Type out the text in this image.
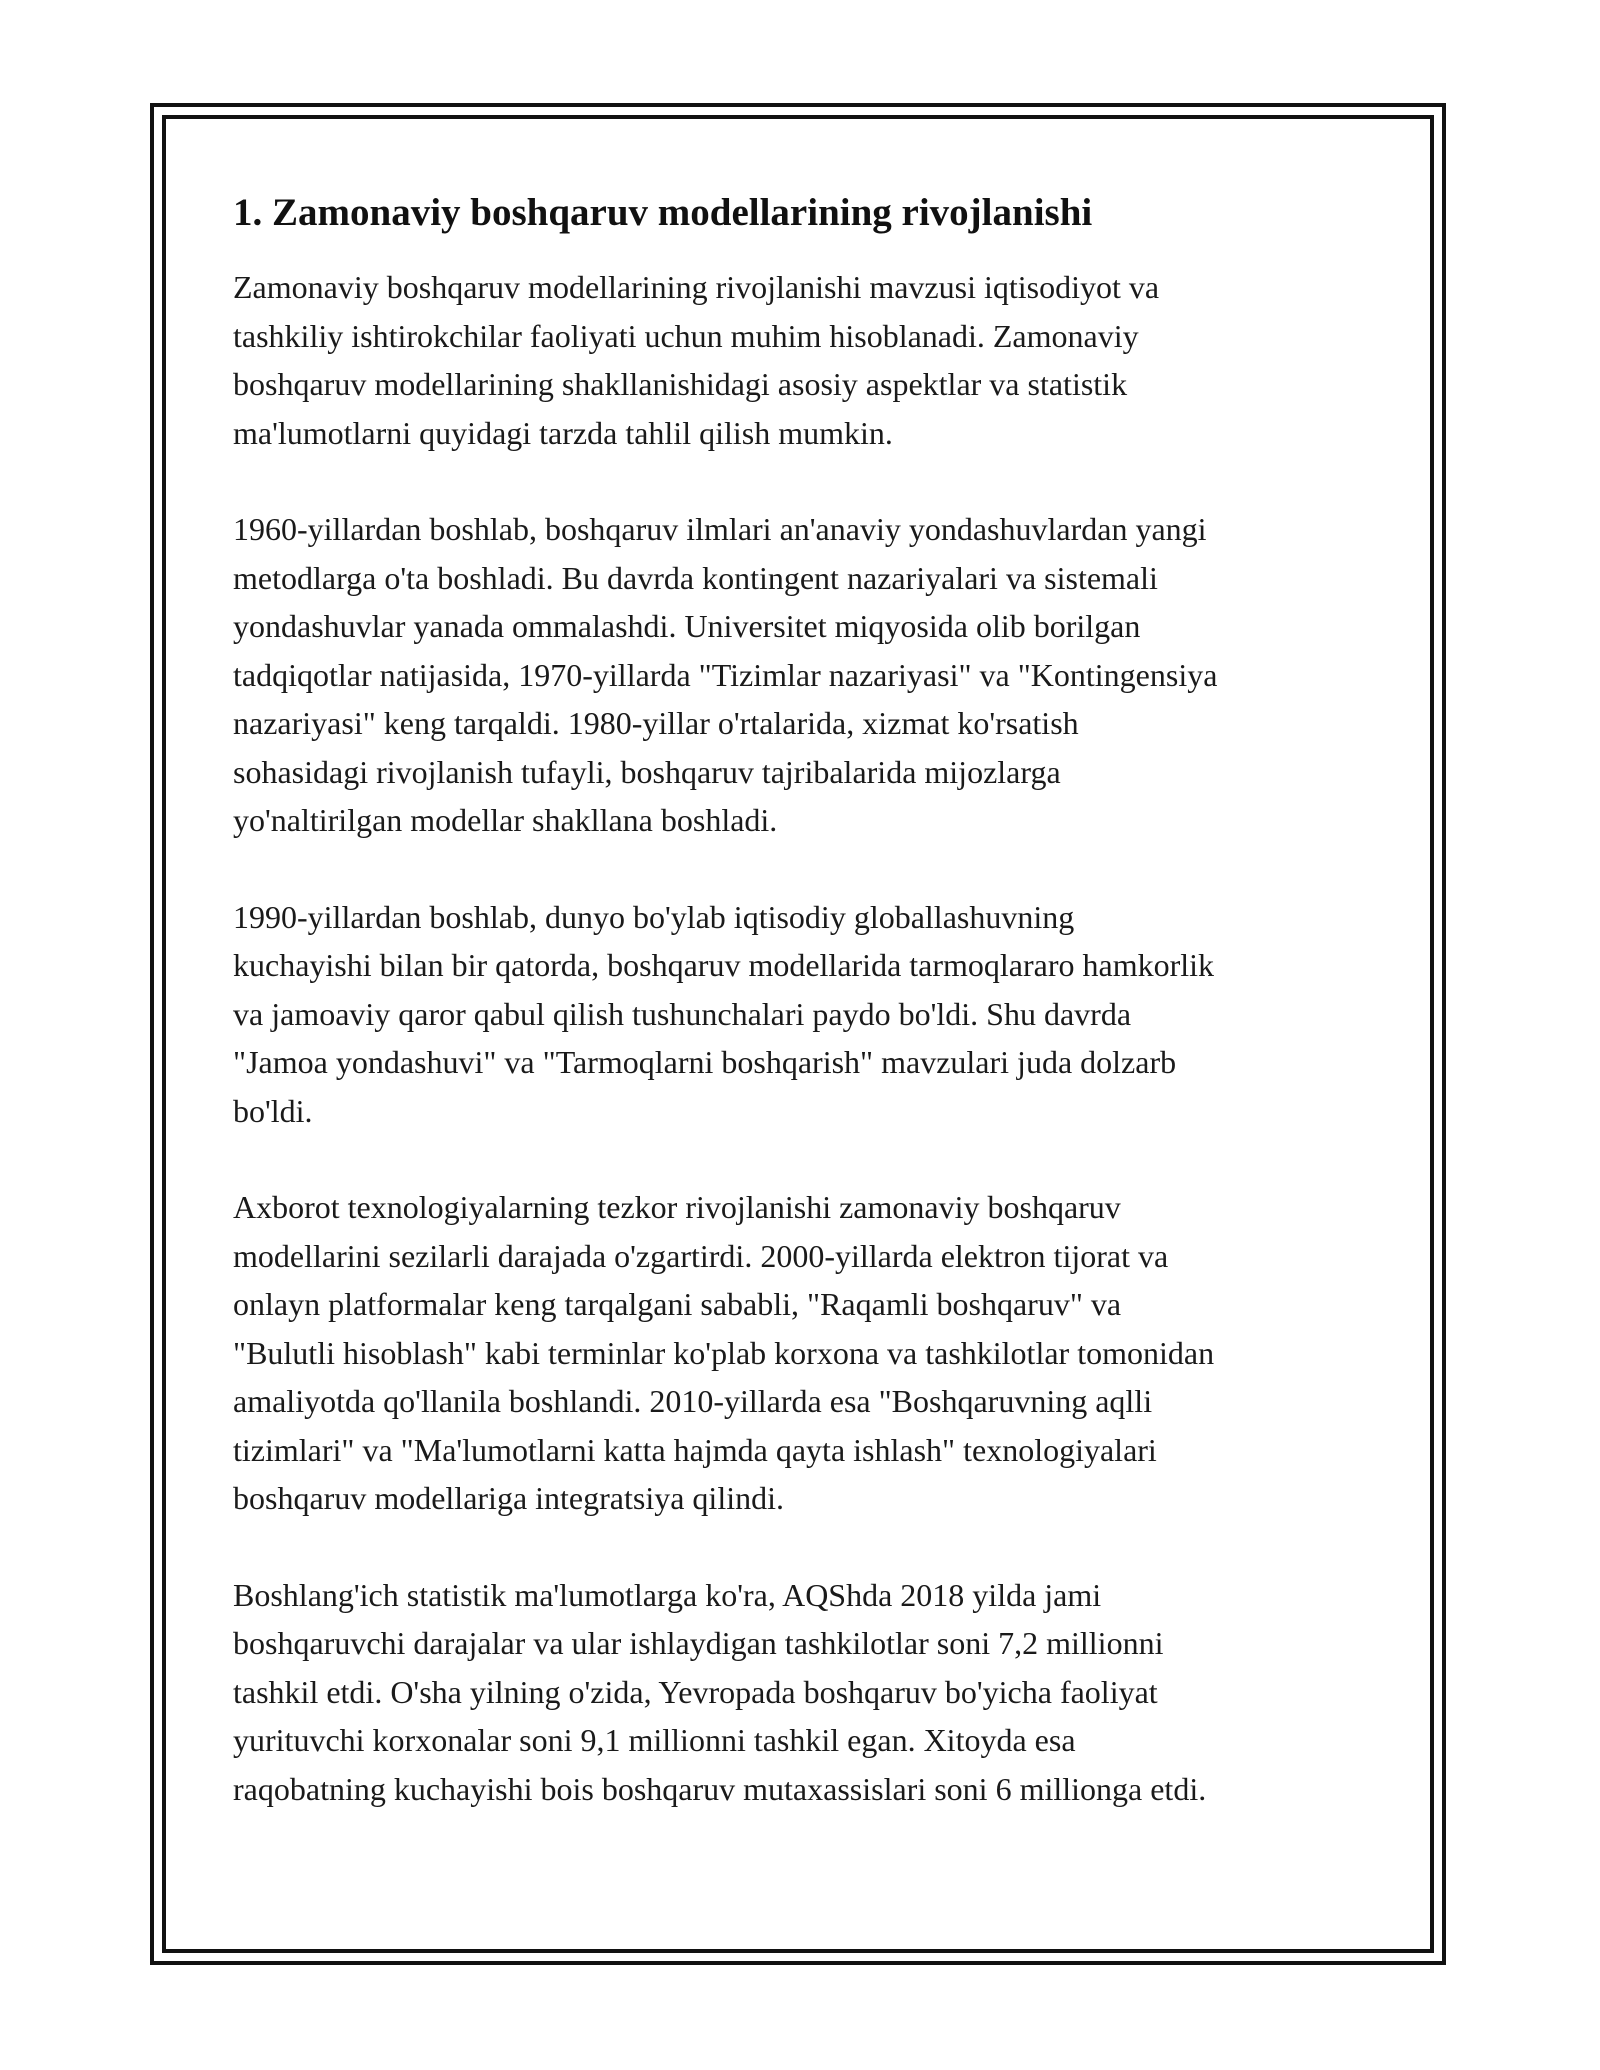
1. Zamonaviy boshqaruv modellarining rivojlanishi

Zamonaviy boshqaruv modellarining rivojlanishi mavzusi iqtisodiyot va
tashkiliy ishtirokchilar faoliyati uchun muhim hisoblanadi. Zamonaviy
boshqaruv modellarining shakllanishidagi asosiy aspektlar va statistik
ma'lumotlarni quyidagi tarzda tahlil qilish mumkin.

1960-yillardan boshlab, boshqaruv ilmlari an'anaviy yondashuvlardan yangi
metodlarga o'ta boshladi. Bu davrda kontingent nazariyalari va sistemali
yondashuvlar yanada ommalashdi. Universitet miqyosida olib borilgan
tadqiqotlar natijasida, 1970-yillarda "Tizimlar nazariyasi" va "Kontingensiya
nazariyasi" keng tarqaldi. 1980-yillar o'rtalarida, xizmat ko'rsatish
sohasidagi rivojlanish tufayli, boshqaruv tajribalarida mijozlarga
yo'naltirilgan modellar shakllana boshladi.

1990-yillardan boshlab, dunyo bo'ylab iqtisodiy globallashuvning
kuchayishi bilan bir qatorda, boshqaruv modellarida tarmoqlararo hamkorlik
va jamoaviy qaror qabul qilish tushunchalari paydo bo'ldi. Shu davrda
"Jamoa yondashuvi" va "Tarmoqlarni boshqarish" mavzulari juda dolzarb
bo'ldi.

Axborot texnologiyalarning tezkor rivojlanishi zamonaviy boshqaruv
modellarini sezilarli darajada o'zgartirdi. 2000-yillarda elektron tijorat va
onlayn platformalar keng tarqalgani sababli, "Raqamli boshqaruv" va
"Bulutli hisoblash" kabi terminlar ko'plab korxona va tashkilotlar tomonidan
amaliyotda qo'llanila boshlandi. 2010-yillarda esa "Boshqaruvning aqlli
tizimlari" va "Ma'lumotlarni katta hajmda qayta ishlash" texnologiyalari
boshqaruv modellariga integratsiya qilindi.

Boshlang'ich statistik ma'lumotlarga ko'ra, AQShda 2018 yilda jami
boshqaruvchi darajalar va ular ishlaydigan tashkilotlar soni 7,2 millionni
tashkil etdi. O'sha yilning o'zida, Yevropada boshqaruv bo'yicha faoliyat
yurituvchi korxonalar soni 9,1 millionni tashkil egan. Xitoyda esa
raqobatning kuchayishi bois boshqaruv mutaxassislari soni 6 millionga etdi.
